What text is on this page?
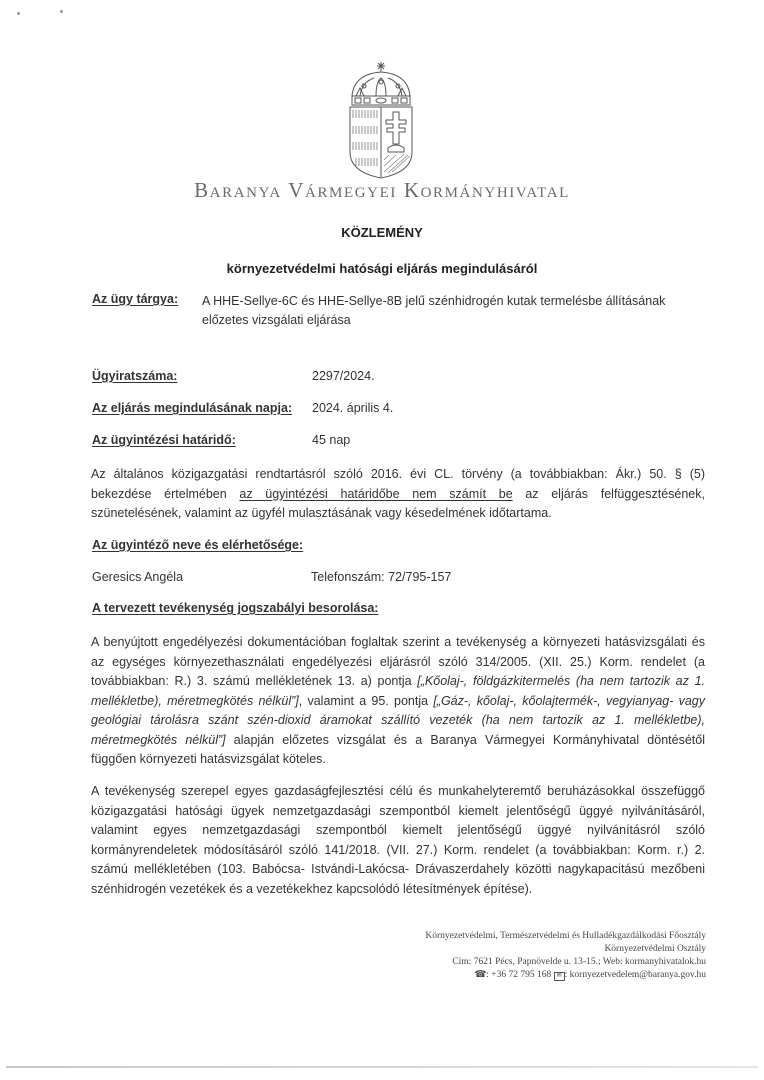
Baranya Vármegyei Kormányhivatal
KÖZLEMÉNY
környezetvédelmi hatósági eljárás megindulásáról
Az ügy tárgya: A HHE-Sellye-6C és HHE-Sellye-8B jelű szénhidrogén kutak termelésbe állításának előzetes vizsgálati eljárása
Ügyiratszáma:	2297/2024.
Az eljárás megindulásának napja: 2024. április 4.
Az ügyintézési határidő:	45 nap
Az általános közigazgatási rendtartásról szóló 2016. évi CL. törvény (a továbbiakban: Ákr.) 50. § (5) bekezdése értelmében az ügyintézési határidőbe nem számít be az eljárás felfüggesztésének, szünetelésének, valamint az ügyfél mulasztásának vagy késedelmének időtartama.
Az ügyintéző neve és elérhetősége:
Geresics Angéla	Telefonszám: 72/795-157
A tervezett tevékenység jogszabályi besorolása:
A benyújtott engedélyezési dokumentációban foglaltak szerint a tevékenység a környezeti hatásvizsgálati és az egységes környezethasználati engedélyezési eljárásról szóló 314/2005. (XII. 25.) Korm. rendelet (a továbbiakban: R.) 3. számú mellékletének 13. a) pontja [„Kőolaj-, földgázkitermelés (ha nem tartozik az 1. mellékletbe), méretmegkötés nélkül”], valamint a 95. pontja [„Gáz-, kőolaj-, kőolajtermék-, vegyianyag- vagy geológiai tárolásra szánt szén-dioxid áramokat szállító vezeték (ha nem tartozik az 1. mellékletbe), méretmegkötés nélkül”] alapján előzetes vizsgálat és a Baranya Vármegyei Kormányhivatal döntésétől függően környezeti hatásvizsgálat köteles.
A tevékenység szerepel egyes gazdaságfejlesztési célú és munkahelyteremtő beruházásokkal összefüggő közigazgatási hatósági ügyek nemzetgazdasági szempontból kiemelt jelentőségű üggyé nyilvánításáról, valamint egyes nemzetgazdasági szempontból kiemelt jelentőségű üggyé nyilvánításról szóló kormányrendeletek módosításáról szóló 141/2018. (VII. 27.) Korm. rendelet (a továbbiakban: Korm. r.) 2. számú mellékletében (103. Babócsa- Istvándi-Lakócsa- Drávaszerdahely közötti nagykapacitású mezőbeni szénhidrogén vezetékek és a vezetékekhez kapcsolódó létesítmények építése).
Környezetvédelmi, Természetvédelmi és Hulladékgazdálkodási Főosztály
Környezetvédelmi Osztály
Cím: 7621 Pécs, Papnövelde u. 13-15.; Web: kormanyhivatalok.hu
☎: +36 72 795 168 ✉ : kornyezetvedelem@baranya.gov.hu
